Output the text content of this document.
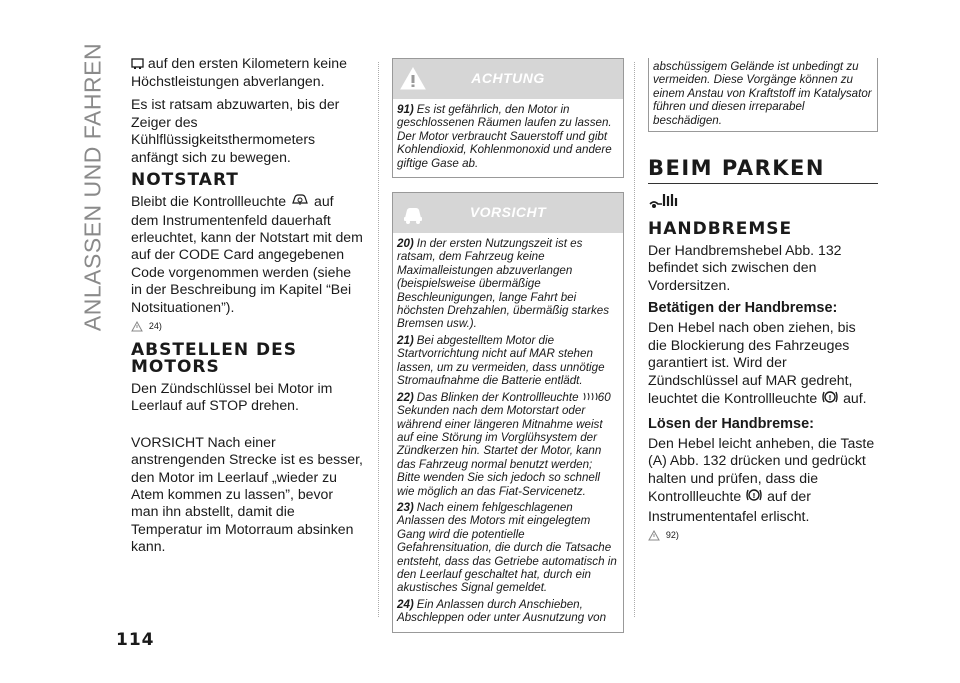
ANLASSEN UND FAHREN
114

auf den ersten Kilometern keine Höchstleistungen abverlangen.

Es ist ratsam abzuwarten, bis der Zeiger des Kühlflüssigkeitsthermometers anfängt sich zu bewegen.

NOTSTART

Bleibt die Kontrollleuchte auf dem Instrumentenfeld dauerhaft erleuchtet, kann der Notstart mit dem auf der CODE Card angegebenen Code vorgenommen werden (siehe in der Beschreibung im Kapitel “Bei Notsituationen”).

$^{24)}$
ABSTELLEN DES MOTORS

Den Zündschlüssel bei Motor im Leerlauf auf STOP drehen.

VORSICHT Nach einer anstrengenden Strecke ist es besser, den Motor im Leerlauf „wieder zu Atem kommen zu lassen”, bevor man ihn abstellt, damit die Temperatur im Motorraum absinken kann.

ACHTUNG

91) Es ist gefährlich, den Motor in geschlossenen Räumen laufen zu lassen. Der Motor verbraucht Sauerstoff und gibt Kohlendioxid, Kohlenmonoxid und andere giftige Gase ab.

VORSICHT

20) In der ersten Nutzungszeit ist es ratsam, dem Fahrzeug keine Maximalleistungen abzuverlangen (beispielsweise übermäßige Beschleunigungen, lange Fahrt bei höchsten Drehzahlen, übermäßig starkes Bremsen usw.).

21) Bei abgestelltem Motor die Startvorrichtung nicht auf MAR stehen lassen, um zu vermeiden, dass unnötige Stromaufnahme die Batterie entlädt.

22) Das Blinken der Kontrollleuchte 60 Sekunden nach dem Motorstart oder während einer längeren Mitnahme weist auf eine Störung im Vorglühsystem der Zündkerzen hin. Startet der Motor, kann das Fahrzeug normal benutzt werden; Bitte wenden Sie sich jedoch so schnell wie möglich an das Fiat-Servicenetz.

23) Nach einem fehlgeschlagenen Anlassen des Motors mit eingelegtem Gang wird die potentielle Gefahrensituation, die durch die Tatsache entsteht, dass das Getriebe automatisch in den Leerlauf geschaltet hat, durch ein akustisches Signal gemeldet.

24) Ein Anlassen durch Anschieben, Abschleppen oder unter Ausnutzung von

abschüssigem Gelände ist unbedingt zu vermeiden. Diese Vorgänge können zu einem Anstau von Kraftstoff im Katalysator führen und diesen irreparabel beschädigen.
BEIM PARKEN
HANDBREMSE

Der Handbremshebel Abb. 132 befindet sich zwischen den Vordersitzen.

Betätigen der Handbremse:

Den Hebel nach oben ziehen, bis die Blockierung des Fahrzeuges garantiert ist. Wird der Zündschlüssel auf MAR gedreht, leuchtet die Kontrollleuchte ! auf.

Lösen der Handbremse:

Den Hebel leicht anheben, die Taste (A) Abb. 132 drücken und gedrückt halten und prüfen, dass die Kontrollleuchte ! auf der Instrumententafel erlischt.

$^{92)}$
